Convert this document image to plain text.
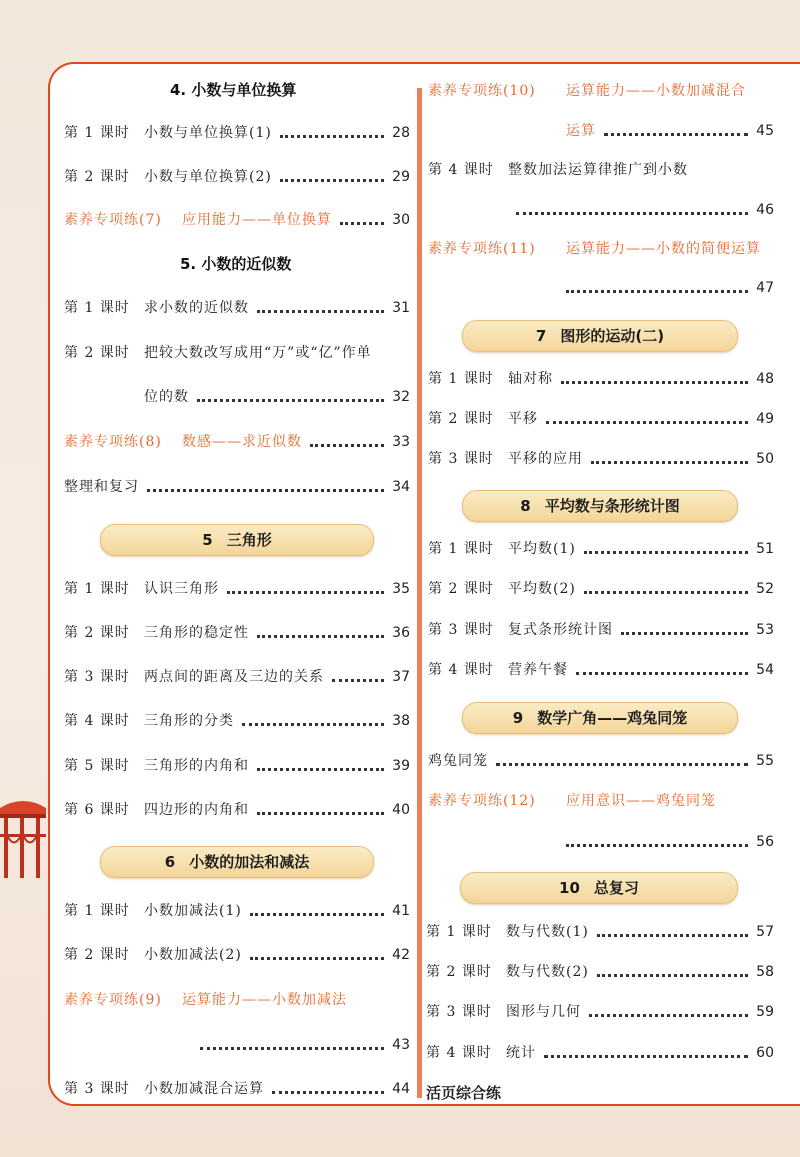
4. 小数与单位换算
第 1 课时	小数与单位换算(1)	28
第 2 课时	小数与单位换算(2)	29
素养专项练(7)	应用能力——单位换算	30
5. 小数的近似数
第 1 课时	求小数的近似数	31
第 2 课时	把较大数改写成用“万”或“亿”作单
位的数	32
素养专项练(8)	数感——求近似数	33
整理和复习	34
5 三角形
第 1 课时	认识三角形	35
第 2 课时	三角形的稳定性	36
第 3 课时	两点间的距离及三边的关系	37
第 4 课时	三角形的分类	38
第 5 课时	三角形的内角和	39
第 6 课时	四边形的内角和	40
6 小数的加法和减法
第 1 课时	小数加减法(1)	41
第 2 课时	小数加减法(2)	42
素养专项练(9)	运算能力——小数加减法
43
第 3 课时	小数加减混合运算	44
素养专项练(10)	运算能力——小数加减混合
运算	45
第 4 课时	整数加法运算律推广到小数
46
素养专项练(11)	运算能力——小数的简便运算
47
7 图形的运动(二)
第 1 课时	轴对称	48
第 2 课时	平移	49
第 3 课时	平移的应用	50
8 平均数与条形统计图
第 1 课时	平均数(1)	51
第 2 课时	平均数(2)	52
第 3 课时	复式条形统计图	53
第 4 课时	营养午餐	54
9 数学广角——鸡兔同笼
鸡兔同笼	55
素养专项练(12)	应用意识——鸡兔同笼
56
10 总复习
第 1 课时	数与代数(1)	57
第 2 课时	数与代数(2)	58
第 3 课时	图形与几何	59
第 4 课时	统计	60
活页综合练
